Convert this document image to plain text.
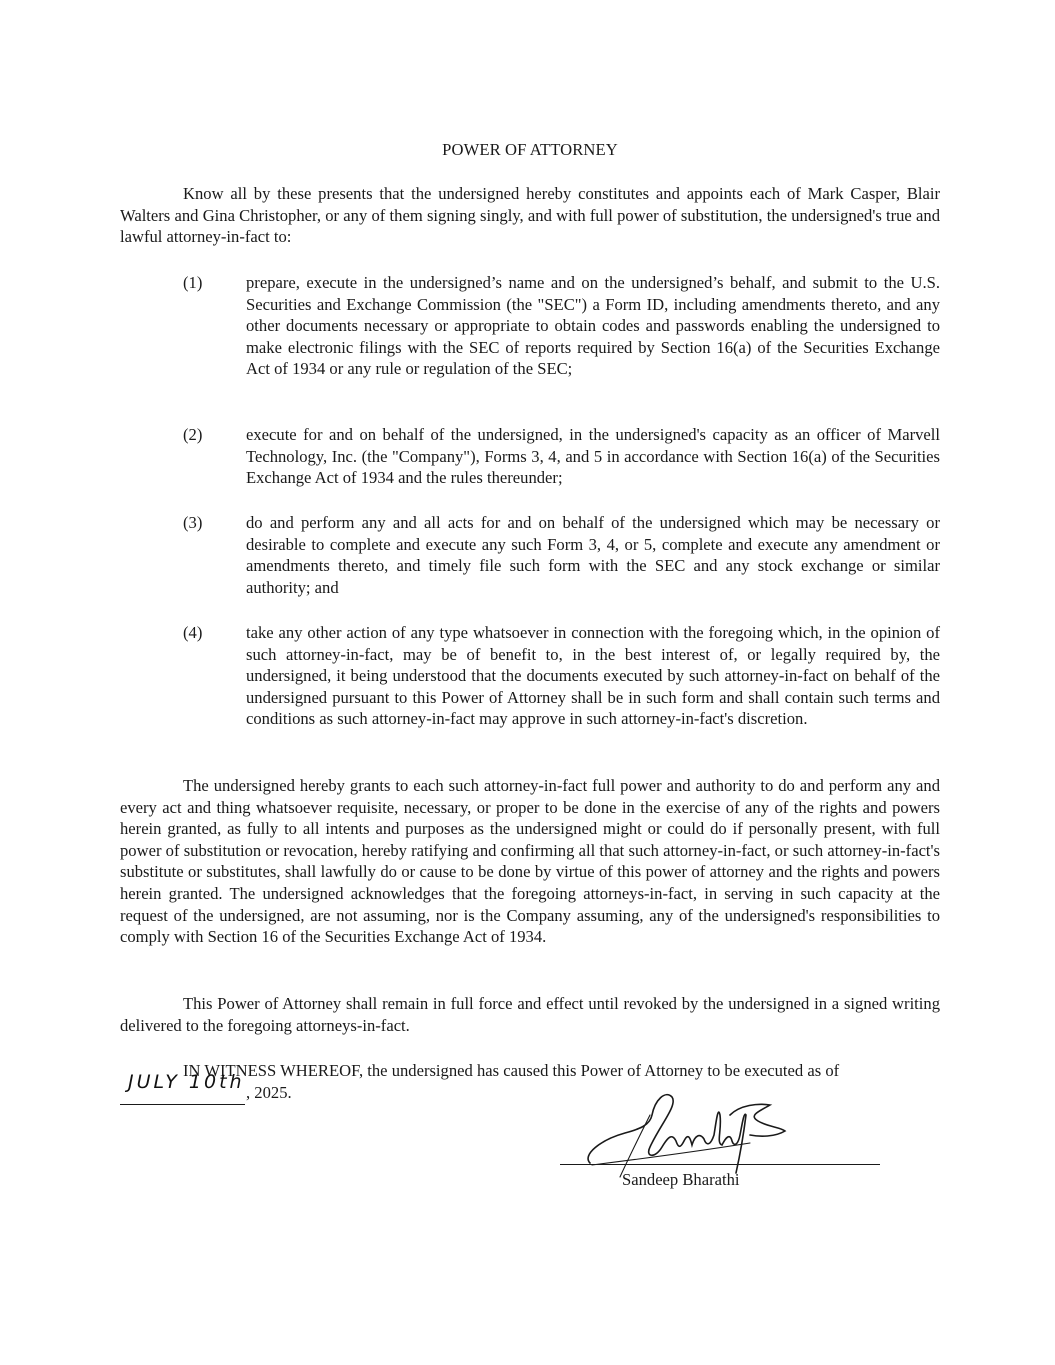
POWER OF ATTORNEY

Know all by these presents that the undersigned hereby constitutes and appoints each of Mark Casper, Blair Walters and Gina Christopher, or any of them signing singly, and with full power of substitution, the undersigned's true and lawful attorney-in-fact to:

(1)	prepare, execute in the undersigned’s name and on the undersigned’s behalf, and submit to the U.S. Securities and Exchange Commission (the "SEC") a Form ID, including amendments thereto, and any other documents necessary or appropriate to obtain codes and passwords enabling the undersigned to make electronic filings with the SEC of reports required by Section 16(a) of the Securities Exchange Act of 1934 or any rule or regulation of the SEC;

(2)	execute for and on behalf of the undersigned, in the undersigned's capacity as an officer of Marvell Technology, Inc. (the "Company"), Forms 3, 4, and 5 in accordance with Section 16(a) of the Securities Exchange Act of 1934 and the rules thereunder;

(3)	do and perform any and all acts for and on behalf of the undersigned which may be necessary or desirable to complete and execute any such Form 3, 4, or 5, complete and execute any amendment or amendments thereto, and timely file such form with the SEC and any stock exchange or similar authority; and

(4)	take any other action of any type whatsoever in connection with the foregoing which, in the opinion of such attorney-in-fact, may be of benefit to, in the best interest of, or legally required by, the undersigned, it being understood that the documents executed by such attorney-in-fact on behalf of the undersigned pursuant to this Power of Attorney shall be in such form and shall contain such terms and conditions as such attorney-in-fact may approve in such attorney-in-fact's discretion.

The undersigned hereby grants to each such attorney-in-fact full power and authority to do and perform any and every act and thing whatsoever requisite, necessary, or proper to be done in the exercise of any of the rights and powers herein granted, as fully to all intents and purposes as the undersigned might or could do if personally present, with full power of substitution or revocation, hereby ratifying and confirming all that such attorney-in-fact, or such attorney-in-fact's substitute or substitutes, shall lawfully do or cause to be done by virtue of this power of attorney and the rights and powers herein granted. The undersigned acknowledges that the foregoing attorneys-in-fact, in serving in such capacity at the request of the undersigned, are not assuming, nor is the Company assuming, any of the undersigned's responsibilities to comply with Section 16 of the Securities Exchange Act of 1934.

This Power of Attorney shall remain in full force and effect until revoked by the undersigned in a signed writing delivered to the foregoing attorneys-in-fact.

IN WITNESS WHEREOF, the undersigned has caused this Power of Attorney to be executed as of

JULY 10th , 2025.
Sandeep Bharathi
